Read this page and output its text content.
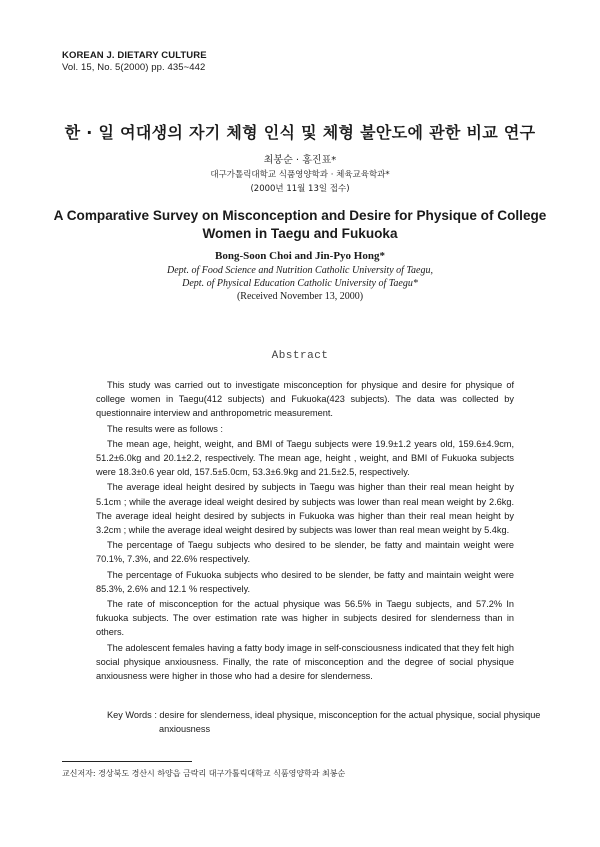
KOREAN J. DIETARY CULTURE
Vol. 15, No. 5(2000) pp. 435~442
한 · 일 여대생의 자기 체형 인식 및 체형 불안도에 관한 비교 연구
최봉순 · 홍진표*
대구가톨릭대학교 식품영양학과 · 체육교육학과*
(2000년 11월 13일 접수)
A Comparative Survey on Misconception and Desire for Physique of College
Women in Taegu and Fukuoka
Bong-Soon Choi and Jin-Pyo Hong*
Dept. of Food Science and Nutrition Catholic University of Taegu,
Dept. of Physical Education Catholic University of Taegu*
(Received November 13, 2000)
Abstract

This study was carried out to investigate misconception for physique and desire for physique of college women in Taegu(412 subjects) and Fukuoka(423 subjects). The data was collected by questionnaire interview and anthropometric measurement.

The results were as follows :

The mean age, height, weight, and BMI of Taegu subjects were 19.9±1.2 years old, 159.6±4.9cm, 51.2±6.0kg and 20.1±2.2, respectively. The mean age, height , weight, and BMI of Fukuoka subjects were 18.3±0.6 year old, 157.5±5.0cm, 53.3±6.9kg and 21.5±2.5, respectively.

The average ideal height desired by subjects in Taegu was higher than their real mean height by 5.1cm ; while the average ideal weight desired by subjects was lower than real mean weight by 2.6kg. The average ideal height desired by subjects in Fukuoka was higher than their real mean height by 3.2cm ; while the average ideal weight desired by subjects was lower than real mean weight by 5.4kg.

The percentage of Taegu subjects who desired to be slender, be fatty and maintain weight were 70.1%, 7.3%, and 22.6% respectively.

The percentage of Fukuoka subjects who desired to be slender, be fatty and maintain weight were 85.3%, 2.6% and 12.1 % respectively.

The rate of misconception for the actual physique was 56.5% in Taegu subjects, and 57.2% In fukuoka subjects. The over estimation rate was higher in subjects desired for slenderness than in others.

The adolescent females having a fatty body image in self-consciousness indicated that they felt high social physique anxiousness. Finally, the rate of misconception and the degree of social physique anxiousness were higher in those who had a desire for slenderness.

Key Words : desire for slenderness, ideal physique, misconception for the actual physique, social physique anxiousness
교신저자: 경상북도 경산시 하양읍 금락리 대구가톨릭대학교 식품영양학과 최봉순
